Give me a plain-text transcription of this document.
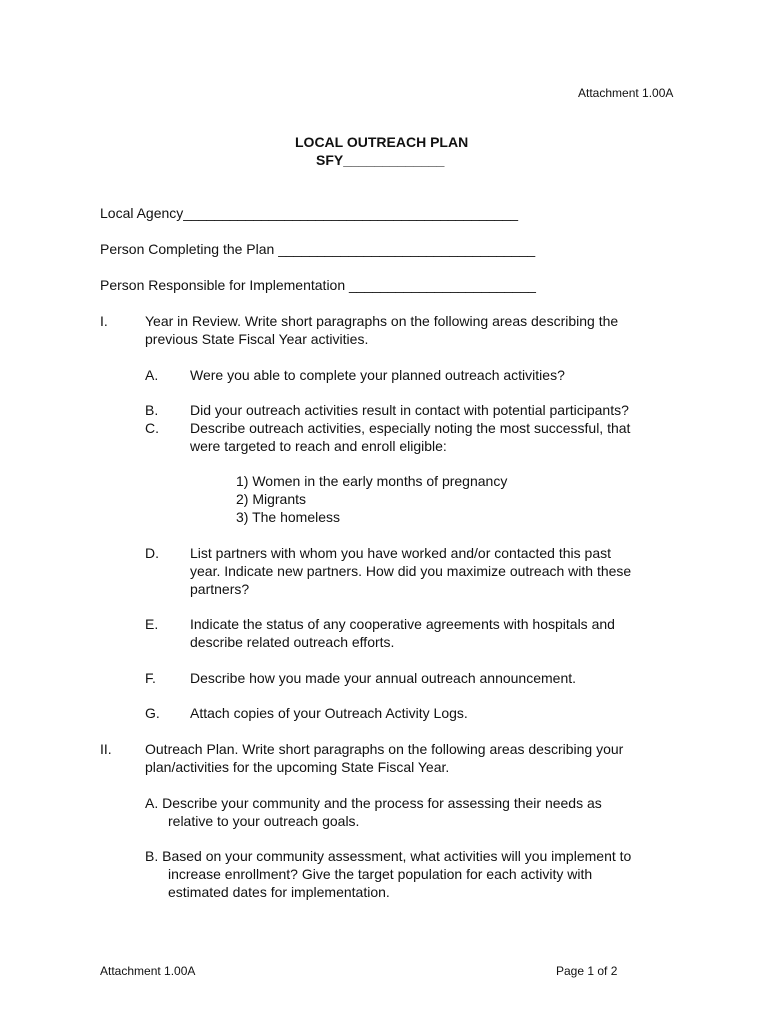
Attachment 1.00A
LOCAL OUTREACH PLAN
SFY_____________
Local Agency___________________________________________
Person Completing the Plan _________________________________
Person Responsible for Implementation ________________________
I.	Year in Review. Write short paragraphs on the following areas describing the
previous State Fiscal Year activities.
A. Were you able to complete your planned outreach activities?
B. Did your outreach activities result in contact with potential participants?
C. Describe outreach activities, especially noting the most successful, that
were targeted to reach and enroll eligible:
1) Women in the early months of pregnancy
2) Migrants
3) The homeless
D. List partners with whom you have worked and/or contacted this past
year. Indicate new partners. How did you maximize outreach with these
partners?
E. Indicate the status of any cooperative agreements with hospitals and
describe related outreach efforts.
F. Describe how you made your annual outreach announcement.
G. Attach copies of your Outreach Activity Logs.
II. Outreach Plan. Write short paragraphs on the following areas describing your
plan/activities for the upcoming State Fiscal Year.
A. Describe your community and the process for assessing their needs as
relative to your outreach goals.
B. Based on your community assessment, what activities will you implement to
increase enrollment? Give the target population for each activity with
estimated dates for implementation.
Attachment 1.00A	Page 1 of 2
